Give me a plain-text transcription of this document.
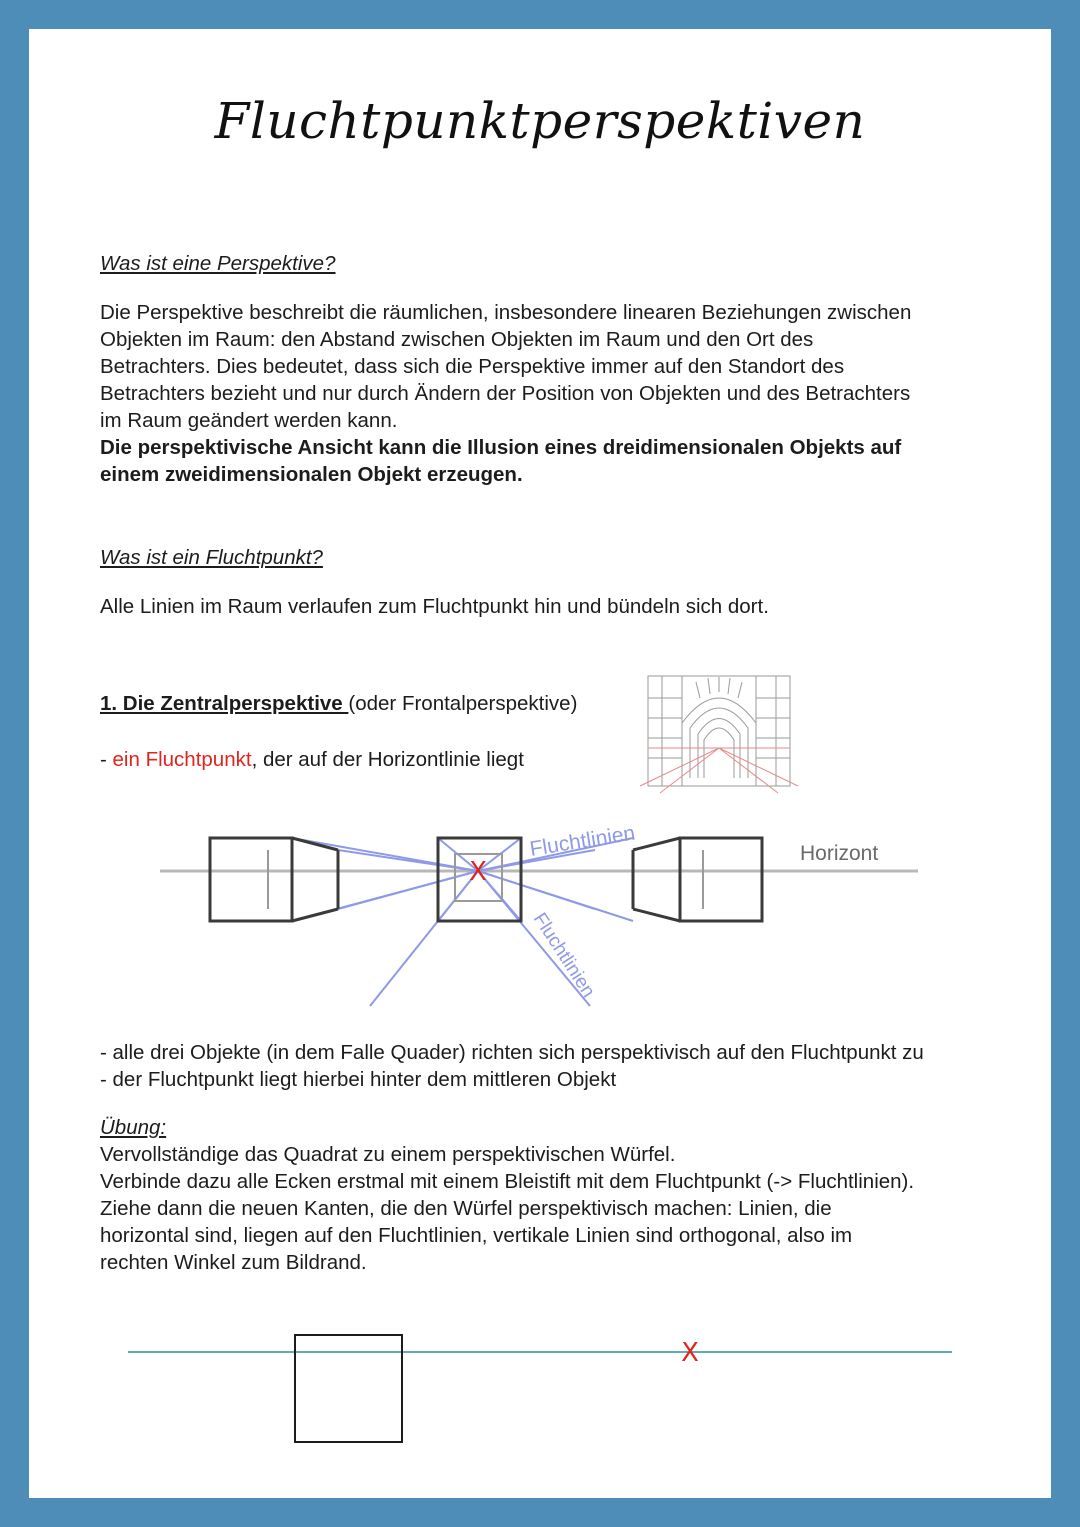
Fluchtpunktperspektiven

Was ist eine Perspektive?

Die Perspektive beschreibt die räumlichen, insbesondere linearen Beziehungen zwischen
Objekten im Raum: den Abstand zwischen Objekten im Raum und den Ort des
Betrachters. Dies bedeutet, dass sich die Perspektive immer auf den Standort des
Betrachters bezieht und nur durch Ändern der Position von Objekten und des Betrachters
im Raum geändert werden kann.
Die perspektivische Ansicht kann die Illusion eines dreidimensionalen Objekts auf
einem zweidimensionalen Objekt erzeugen.

Was ist ein Fluchtpunkt?

Alle Linien im Raum verlaufen zum Fluchtpunkt hin und bündeln sich dort.

1. Die Zentralperspektive (oder Frontalperspektive)

- ein Fluchtpunkt, der auf der Horizontlinie liegt

X
Fluchtlinien
Fluchtlinien
Horizont
- alle drei Objekte (in dem Falle Quader) richten sich perspektivisch auf den Fluchtpunkt zu
- der Fluchtpunkt liegt hierbei hinter dem mittleren Objekt
Übung:
Vervollständige das Quadrat zu einem perspektivischen Würfel.
Verbinde dazu alle Ecken erstmal mit einem Bleistift mit dem Fluchtpunkt (-> Fluchtlinien).
Ziehe dann die neuen Kanten, die den Würfel perspektivisch machen: Linien, die
horizontal sind, liegen auf den Fluchtlinien, vertikale Linien sind orthogonal, also im
rechten Winkel zum Bildrand.
X
